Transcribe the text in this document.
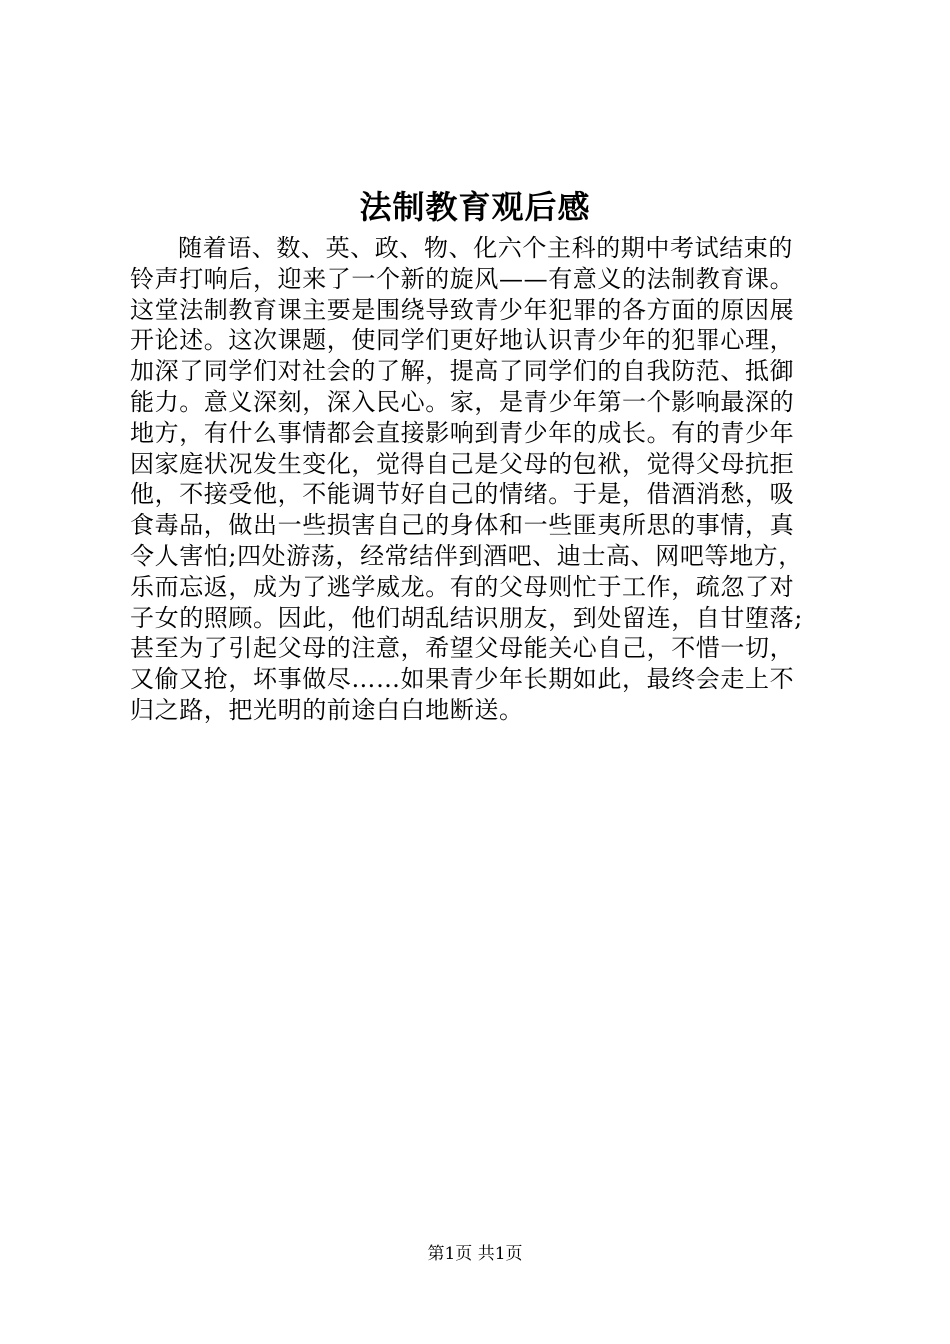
法制教育观后感
随着语、数、英、政、物、化六个主科的期中考试结束的
铃声打响后，迎来了一个新的旋风——有意义的法制教育课。
这堂法制教育课主要是围绕导致青少年犯罪的各方面的原因展
开论述。这次课题，使同学们更好地认识青少年的犯罪心理，
加深了同学们对社会的了解，提高了同学们的自我防范、抵御
能力。意义深刻，深入民心。家，是青少年第一个影响最深的
地方，有什么事情都会直接影响到青少年的成长。有的青少年
因家庭状况发生变化，觉得自己是父母的包袱，觉得父母抗拒
他，不接受他，不能调节好自己的情绪。于是，借酒消愁，吸
食毒品，做出一些损害自己的身体和一些匪夷所思的事情，真
令人害怕;四处游荡，经常结伴到酒吧、迪士高、网吧等地方，
乐而忘返，成为了逃学威龙。有的父母则忙于工作，疏忽了对
子女的照顾。因此，他们胡乱结识朋友，到处留连，自甘堕落;
甚至为了引起父母的注意，希望父母能关心自己，不惜一切，
又偷又抢，坏事做尽……如果青少年长期如此，最终会走上不
归之路，把光明的前途白白地断送。
第1页 共1页
